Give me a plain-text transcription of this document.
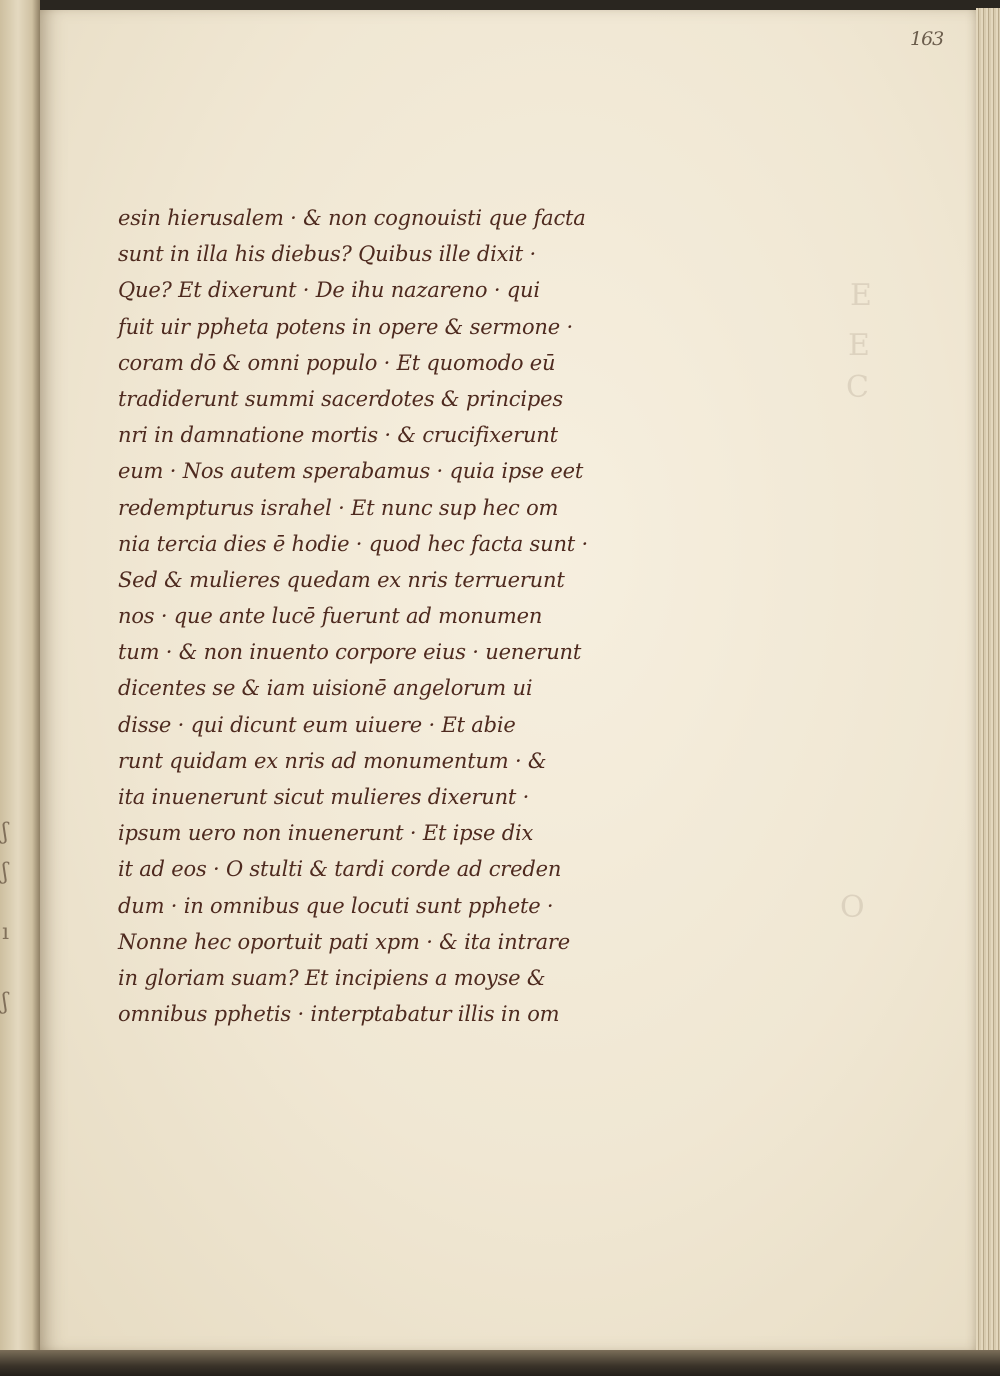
ʃ
ʃ
ı
ʃ
E
E
C
O
163
esin hierusalem · & non cognouisti que facta
sunt in illa his diebus? Quibus ille dixit ·
Que? Et dixerunt · De ihu nazareno · qui
fuit uir ppheta potens in opere & sermone ·
coram dō & omni populo · Et quomodo eū
tradiderunt summi sacerdotes & principes
nri in damnatione mortis · & crucifixerunt
eum · Nos autem sperabamus · quia ipse eet
redempturus israhel · Et nunc sup hec om
nia tercia dies ē hodie · quod hec facta sunt ·
Sed & mulieres quedam ex nris terruerunt
nos · que ante lucē fuerunt ad monumen
tum · & non inuento corpore eius · uenerunt
dicentes se & iam uisionē angelorum ui
disse · qui dicunt eum uiuere · Et abie
runt quidam ex nris ad monumentum · &
ita inuenerunt sicut mulieres dixerunt ·
ipsum uero non inuenerunt · Et ipse dix
it ad eos · O stulti & tardi corde ad creden
dum · in omnibus que locuti sunt pphete ·
Nonne hec oportuit pati xpm · & ita intrare
in gloriam suam? Et incipiens a moyse &
omnibus pphetis · interptabatur illis in om
